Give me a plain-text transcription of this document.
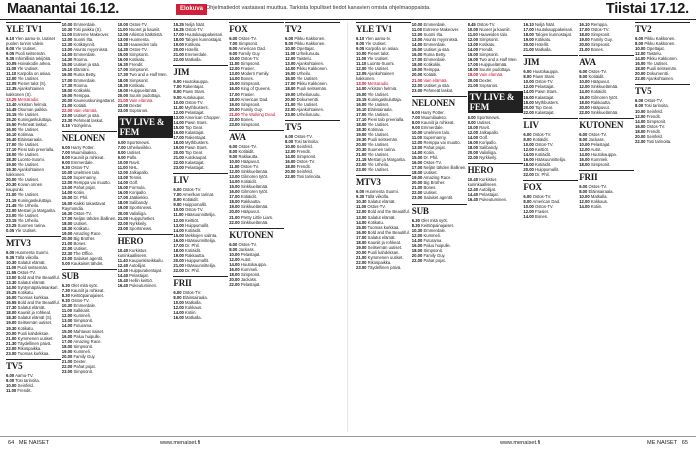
Maanantai 16.12.	Elokuva Ohjelmatiedot vastaavat muuttua. Tarkista lopulliset tiedot kanavien omista ohjelmaoppaista.	Tiistai 17.12.
YLE TV1
6.10 Ylen aamu-tv. Uutiset puolen tunnin välein.
9.00 Yle Uutiset.
9.05 Puoli seitsemän.
9.35 Inhimillisiä tekijöitä.
10.05 Hoivakodin arkea.
11.00 Yle Uutiset.
11.10 Karpolla on asiaa.
12.00 Yle Uutiset.
12.05 Pienet talot (S).
12.35 Ajankohtainen kakkonen (S).
13.25 Metsäradio.
13.40 Arkiston helmiä.
14.45 Osuman paikka.
15.15 Yle Uutiset.
15.20 Kuningaskuluttaja.
15.50 Pehmeät laskut.
16.00 Yle Uutiset.
16.10 Kotimaa.
16.40 Eläinsairaala.
17.00 Yle Uutiset.
17.10 Pieni talo preerialla.
18.00 Yle Uutiset.
18.30 Luonto-Suomi.
19.00 Yle Uutiset.
19.30 Ajankohtainen kakkonen.
20.00 Yle Uutiset.
20.30 Kovan onnen kaupunki.
21.00 Yle Uutiset.
21.15 Kuningaskuluttaja.
21.45 Yle Urheilu.
22.00 Mestari ja Margarita.
23.00 Yle Uutiset.
23.15 Yle Urheilu.
23.25 Suomen tarina.
0.05 Yle Uutiset.
MTV3
6.00 Huomenta Suomi.
9.35 Tällä viikolla.
10.30 Salatut elämät.
11.00 Puoli seitsemän.
11.55 Ostos-TV.
13.00 Bold and the Beautiful.
13.30 Salatut elämät.
14.00 Syntymäpäiväsankari.
15.25 Kotikatu.
16.00 Tuomas kurkkaa.
16.55 Bold and the Beautiful.
17.30 Salatut elämät.
18.00 Kauniit ja rohkeat.
18.30 Salatut elämät (S).
19.00 Seitsemän uutiset.
19.30 Kotikatu.
20.00 Puoli kahdeksan.
21.00 Kymmenen uutiset.
21.30 Täydellinen päivä.
22.00 Rikospaikka.
23.00 Tuomas kurkkaa.
TV5
6.00 Aamu-TV.
9.00 Tosi tarinoita.
10.00 Seinfeld.
11.00 Frendit.
10.00 Emmerdale.
10.30 Tosi paikka (S).
11.00 Extreme Makeover.
12.00 Suomi Ilta.
12.30 Kotikäynnit.
13.00 Asunto myynnissä.
14.00 Emmerdale.
14.30 Rooma.
15.00 Uutiset ja sää.
15.10 Elämäni.
16.00 Ruma Betty.
17.00 Emmerdale.
17.30 Rooma.
18.00 Kotikokki.
19.00 Remppa.
20.00 Kauneuskuningattaret.
21.00 Kotiäiti.
22.00 Vain elämää.
23.00 Uutiset ja sää.
23.30 Pehmeät laskut.
0.15 Yöohjelma.
NELONEN
6.00 Harry Potter.
7.00 Muumilaakso.
8.00 Kauniit ja rohkeat.
9.00 Emmerdale.
9.30 Ostos-TV.
10.00 Unelmien talo.
11.00 Supernanny.
12.00 Remppa vai muutto.
13.00 Pahat pojat.
14.00 Kotiin.
15.00 Dr. Phil.
16.00 Kaikki rakastavat Raymondia.
16.30 Ostos-TV.
17.00 Neljän tähden illallinen.
18.00 Uutiset.
18.30 Kotikatu.
19.00 Amazing Race.
20.00 Big Brother.
21.00 Bones.
22.00 Uutiset.
22.30 The Office.
23.00 Salaiset agentit.
0.00 Kaukaiset tähdet.
SUB
6.30 Olet mitä syöt.
7.30 Kauniit ja rohkeat.
8.30 Keittiöpainajaiset.
9.30 Ostos-TV.
10.30 Emmerdale.
11.00 Salkkarit.
12.00 Kummeli.
13.00 Simpsonit.
14.00 Futurama.
15.00 Mahtavat naiset.
16.00 Paluu huipulle.
17.00 Amazing Race.
18.00 Simpsonit.
19.00 Kummeli.
20.00 Family Guy.
21.00 Dexter.
22.00 Pahat pojat.
23.00 Simpsonit.
10.00 Ostos-TV.
11.00 Nuoret ja kauniit.
12.00 Arkiston kätköistä.
13.00 Huomenta.
13.30 Haaveiden talo.
14.30 Ostos-TV.
15.00 Simpsonit.
16.00 Kotikatu.
16.30 Frendit.
17.00 Simpsonit.
17.30 Two and a Half Men.
18.00 Simpsonit.
18.30 Kotikatu.
19.00 Huippuelämää.
20.00 Suurin pudottaja.
21.00 Vain elämää.
22.00 Dexter.
23.00 Sopranos.
TV LIVE & FEM
6.00 Sportsnews.
7.00 Urheiluviikko.
8.00 Uutiset.
9.00 Pallo.
10.00 Ravit.
11.00 NHL.
12.00 Jalkapallo.
13.00 Tennis.
14.00 Golf.
15.00 Formula.
16.00 Koripallo.
17.00 Jääkiekko.
18.00 Salibandy.
19.00 Sportsnews.
20.00 Valioliiga.
21.00 Huippuhetket.
22.00 Nyrkkeily.
23.00 Sportsnews.
HERO
10.40 Kurkistus kuninkaalliseen.
11.40 Kaupunkiseikkailu.
12.40 Autoilijat.
13.40 Huippurakentajat.
14.40 Pelastajat.
15.40 Hellin keittiö.
16.40 Pukeutuminen.
15.25 Neljä häät.
16.25 Ostos-TV.
17.00 Huutokauppakeisari.
18.00 Talojen kunnostajat.
19.00 Kotikatu.
20.00 Hotellit.
21.00 Emmerdale.
22.00 Matkalla.
JIM
6.00 Huutokauppa.
7.00 Rakentajat.
8.00 Pawn Stars.
9.00 Autokaupat.
10.00 Ostos-TV.
11.00 Mythbusters.
12.00 Pelastajat.
13.00 American Chopper.
14.00 Pawn Stars.
15.00 Top Gear.
16.00 Kalastajat.
17.00 Rakentajat.
18.00 Mythbusters.
19.00 Pawn Stars.
20.00 Top Gear.
21.00 Autokaupat.
22.00 Kalastajat.
23.00 Pelastajat.
LIV
6.00 Ostos-TV.
7.00 Amerikan tarinat.
8.00 Kotiäidit.
9.00 Huippumallit.
10.00 Ostos-TV.
11.00 Hääsuunnittelija.
12.00 Keittiöt.
13.00 Huippumallit.
14.00 Kotiäidit.
15.00 Mekkojen valinta.
16.00 Hääsuunnittelija.
17.00 Dr. Phil.
18.00 Kotiäidit.
19.00 Rakkautta.
20.00 Huippumallit.
21.00 Hääsuunnittelija.
22.00 Dr. Phil.
FRII
6.00 Ostos-TV.
8.00 Eläinsairaala.
10.00 Matkalla.
12.00 Kokkaus.
14.00 Kotiin.
16.00 Matkalla.
FOX
6.00 Ostos-TV.
7.00 Simpsonit.
8.00 American Dad.
9.00 Family Guy.
10.00 Ostos-TV.
11.00 Simpsonit.
12.00 Frasier.
13.00 Modern Family.
14.00 Bones.
15.00 Simpsonit.
16.00 King of Queens.
17.00 Frasier.
18.00 American Dad.
19.00 Simpsonit.
20.00 Family Guy.
21.00 The Walking Dead.
22.00 Bones.
23.00 Simpsonit.
AVA
6.00 Ostos-TV.
8.00 Kotiäidit.
9.00 Rakkautta.
10.00 Hääpuvut.
11.00 Ostos-TV.
12.00 Sinkkuelämää.
13.00 Gilmoren tytöt.
14.00 Kotiäidit.
15.00 Sinkkuelämää.
16.00 Gilmoren tytöt.
17.00 Kotiäidit.
18.00 Rakkautta.
19.00 Sinkkuelämää.
20.00 Hääpuvut.
21.00 Pretty Little Liars.
22.00 Sinkkuelämää.
KUTONEN
6.00 Ostos-TV.
8.00 Jackass.
10.00 Pelastajat.
12.00 Autot.
14.00 Huutokauppa.
16.00 Kummeli.
18.00 Simpsonit.
20.00 Jackass.
22.00 Pelastajat.
TV2
6.00 Pikku Kakkonen.
8.00 Pikku Kakkonen.
10.00 Opettajat.
11.00 Urheiluruutu.
12.00 Taistelu.
13.00 Ajankohtainen.
14.00 Pikku Kakkonen.
15.00 Urheilu.
16.00 Yle Uutiset.
17.00 Pikku Kakkonen.
18.00 Puoli seitsemän.
19.00 Urheiluruutu.
20.00 Dokumentti.
21.00 Yle Uutiset.
22.00 Ajankohtainen.
23.00 Urheiluruutu.
TV5
6.00 Ostos-TV.
8.00 Tosi tarinoita.
10.00 Seinfeld.
12.00 Frendit.
14.00 Simpsonit.
16.00 Ostos-TV.
18.00 Frendit.
20.00 Seinfeld.
22.00 Tosi tarinoita.
YLE TV1
6.10 Ylen aamu-tv.
9.00 Yle Uutiset.
9.05 Karpolla on asiaa.
10.00 Pienet talot.
11.00 Yle Uutiset.
11.10 Luonto-Suomi.
12.00 Yle Uutiset.
12.05 Ajankohtainen kakkonen.
13.00 Metsäradio.
14.00 Arkiston helmiä.
15.00 Yle Uutiset.
15.15 Kuningaskuluttaja.
16.00 Yle Uutiset.
16.10 Eläinsairaala.
17.00 Yle Uutiset.
17.10 Pieni talo preerialla.
18.00 Yle Uutiset.
18.30 Kotimaa.
19.00 Yle Uutiset.
19.30 Puoli seitsemän.
20.00 Yle Uutiset.
20.30 Suomen tarina.
21.00 Yle Uutiset.
21.15 Mestari ja Margarita.
22.00 Yle Urheilu.
23.00 Yle Uutiset.
MTV3
6.00 Huomenta Suomi.
9.30 Tällä viikolla.
10.30 Salatut elämät.
11.00 Ostos-TV.
12.00 Bold and the Beautiful.
13.00 Salatut elämät.
14.00 Kotikatu.
15.00 Tuomas kurkkaa.
16.00 Bold and the Beautiful.
17.00 Salatut elämät.
18.00 Kauniit ja rohkeat.
19.00 Seitsemän uutiset.
20.00 Puoli kahdeksan.
21.00 Kymmenen uutiset.
22.00 Rikospaikka.
23.00 Täydellinen päivä.
10.00 Emmerdale.
11.00 Extreme Makeover.
12.00 Suomi Ilta.
13.00 Asunto myynnissä.
14.00 Emmerdale.
15.00 Uutiset ja sää.
16.00 Ruma Betty.
17.00 Emmerdale.
18.00 Kotikokki.
19.00 Remppa.
20.00 Kotiäiti.
21.00 Vain elämää.
22.00 Uutiset ja sää.
23.00 Pehmeät laskut.
NELONEN
6.00 Harry Potter.
7.00 Muumilaakso.
8.00 Kauniit ja rohkeat.
9.00 Emmerdale.
10.00 Unelmien talo.
11.00 Supernanny.
12.00 Remppa vai muutto.
13.00 Pahat pojat.
14.00 Kotiin.
15.00 Dr. Phil.
16.00 Ostos-TV.
17.00 Neljän tähden illallinen.
18.00 Uutiset.
19.00 Amazing Race.
20.00 Big Brother.
21.00 Bones.
22.00 Uutiset.
23.00 Salaiset agentit.
SUB
6.30 Olet mitä syöt.
8.30 Keittiöpainajaiset.
10.30 Emmerdale.
12.00 Kummeli.
14.00 Futurama.
16.00 Paluu huipulle.
18.00 Simpsonit.
20.00 Family Guy.
22.00 Pahat pojat.
8.45 Ostos-TV.
10.00 Nuoret ja kauniit.
11.00 Haaveiden talo.
12.00 Simpsonit.
13.00 Kotikatu.
14.00 Frendit.
15.00 Simpsonit.
16.00 Two and a Half Men.
17.00 Huippuelämää.
18.00 Suurin pudottaja.
19.00 Vain elämää.
20.00 Dexter.
21.00 Sopranos.
TV LIVE & FEM
6.00 Sportsnews.
8.00 Uutiset.
10.00 Ravit.
12.00 Jalkapallo.
14.00 Golf.
16.00 Koripallo.
18.00 Salibandy.
20.00 Valioliiga.
22.00 Nyrkkeily.
HERO
10.40 Kurkistus kuninkaalliseen.
12.40 Autoilijat.
14.40 Pelastajat.
16.40 Pukeutuminen.
16.10 Neljä häät.
17.00 Huutokauppakeisari.
18.00 Talojen kunnostajat.
19.00 Kotikatu.
20.00 Hotellit.
21.00 Matkalla.
JIM
6.00 Huutokauppa.
8.00 Pawn Stars.
10.00 Ostos-TV.
12.00 Pelastajat.
14.00 Pawn Stars.
16.00 Kalastajat.
18.00 Mythbusters.
20.00 Top Gear.
22.00 Kalastajat.
LIV
6.00 Ostos-TV.
8.00 Kotiäidit.
10.00 Ostos-TV.
12.00 Keittiöt.
14.00 Kotiäidit.
16.00 Hääsuunnittelija.
18.00 Kotiäidit.
20.00 Huippumallit.
22.00 Dr. Phil.
FOX
6.00 Ostos-TV.
8.00 American Dad.
10.00 Ostos-TV.
12.00 Frasier.
14.00 Bones.
16.10 Remppa.
17.00 Ostos-TV.
18.00 Simpsonit.
19.00 Family Guy.
20.00 Simpsonit.
21.00 Bones.
AVA
6.00 Ostos-TV.
8.00 Kotiäidit.
10.00 Hääpuvut.
12.00 Sinkkuelämää.
14.00 Kotiäidit.
16.00 Gilmoren tytöt.
18.00 Rakkautta.
20.00 Hääpuvut.
22.00 Sinkkuelämää.
KUTONEN
6.00 Ostos-TV.
8.00 Jackass.
10.00 Pelastajat.
12.00 Autot.
14.00 Huutokauppa.
16.00 Kummeli.
18.00 Simpsonit.
FRII
6.00 Ostos-TV.
8.00 Eläinsairaala.
10.00 Matkalla.
12.00 Kokkaus.
14.00 Kotiin.
TV2
6.00 Pikku Kakkonen.
8.00 Pikku Kakkonen.
10.00 Opettajat.
12.00 Taistelu.
14.00 Pikku Kakkonen.
16.00 Yle Uutiset.
18.00 Puoli seitsemän.
20.00 Dokumentti.
22.00 Ajankohtainen.
TV5
6.00 Ostos-TV.
8.00 Tosi tarinoita.
10.00 Seinfeld.
12.00 Frendit.
14.00 Simpsonit.
16.00 Ostos-TV.
18.00 Frendit.
20.00 Seinfeld.
22.00 Tosi tarinoita.
64 ME NAISET	www.menaiset.fi	www.menaiset.fi	ME NAISET 65
